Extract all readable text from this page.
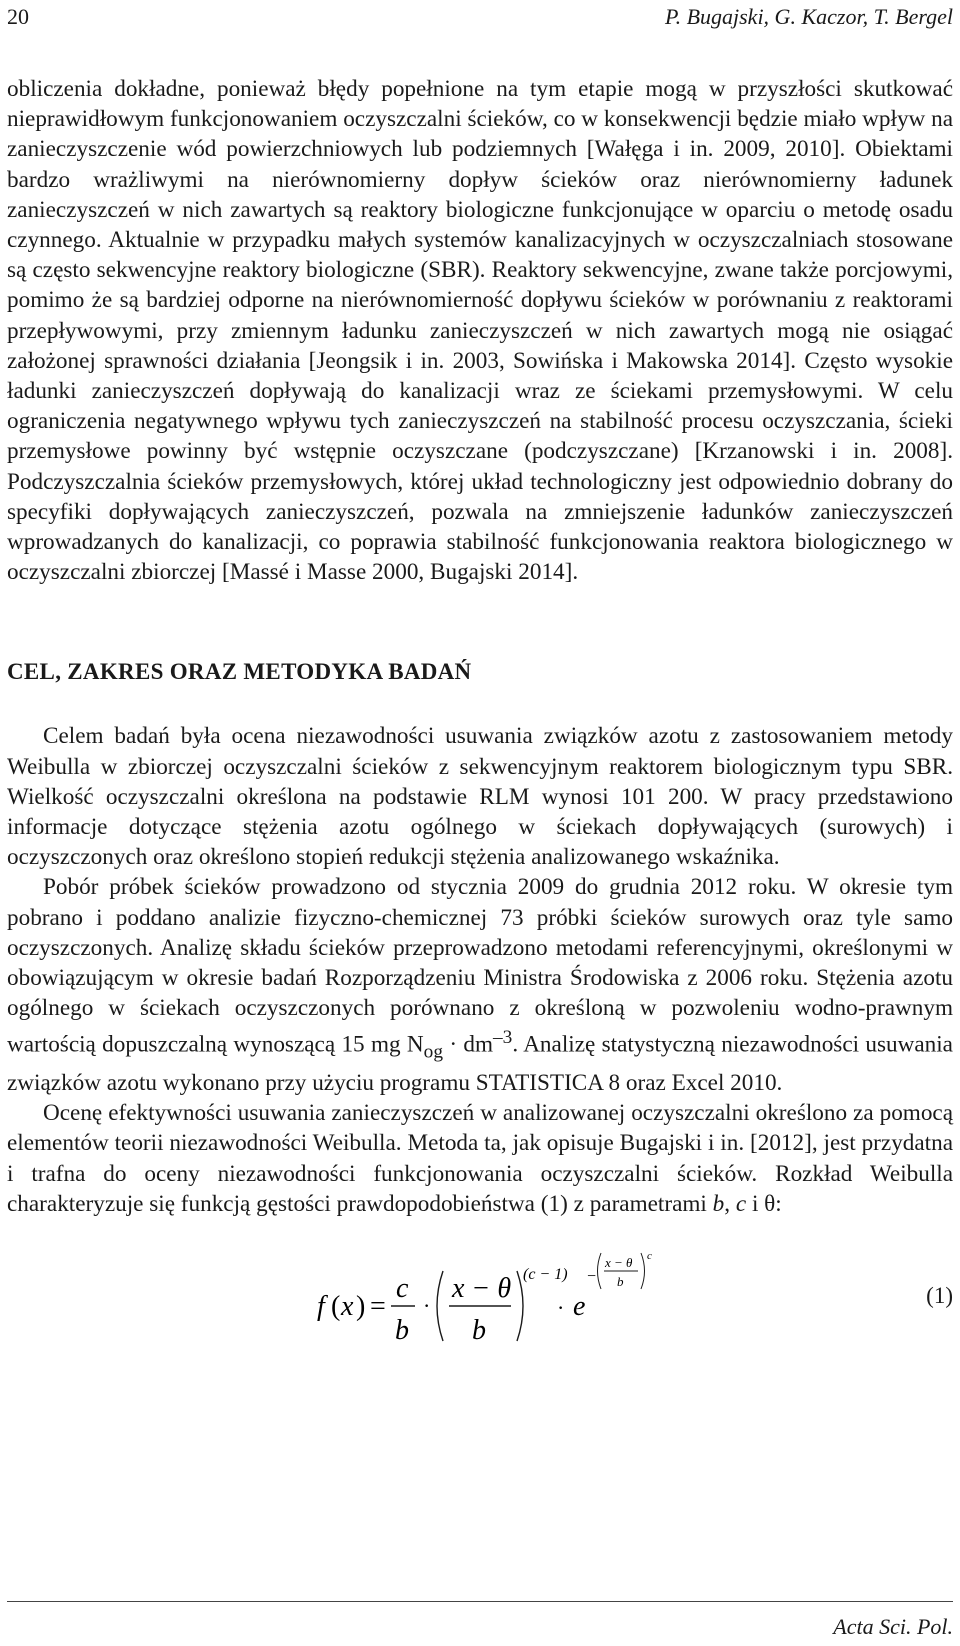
20	P. Bugajski, G. Kaczor, T. Bergel

obliczenia dokładne, ponieważ błędy popełnione na tym etapie mogą w przyszłości skutkować nieprawidłowym funkcjonowaniem oczyszczalni ścieków, co w konsekwencji będzie miało wpływ na zanieczyszczenie wód powierzchniowych lub podziemnych [Wałęga i in. 2009, 2010]. Obiektami bardzo wrażliwymi na nierównomierny dopływ ścieków oraz nierównomierny ładunek zanieczyszczeń w nich zawartych są reaktory biologiczne funkcjonujące w oparciu o metodę osadu czynnego. Aktualnie w przypadku małych systemów kanalizacyjnych w oczyszczalniach stosowane są często sekwencyjne reaktory biologiczne (SBR). Reaktory sekwencyjne, zwane także porcjowymi, pomimo że są bardziej odporne na nierównomierność dopływu ścieków w porównaniu z reaktorami przepływowymi, przy zmiennym ładunku zanieczyszczeń w nich zawartych mogą nie osiągać założonej sprawności działania [Jeongsik i in. 2003, Sowińska i Makowska 2014]. Często wysokie ładunki zanieczyszczeń dopływają do kanalizacji wraz ze ściekami przemysłowymi. W celu ograniczenia negatywnego wpływu tych zanieczyszczeń na stabilność procesu oczyszczania, ścieki przemysłowe powinny być wstępnie oczyszczane (podczyszczane) [Krzanowski i in. 2008]. Podczyszczalnia ścieków przemysłowych, której układ technologiczny jest odpowiednio dobrany do specyfiki dopływających zanieczyszczeń, pozwala na zmniejszenie ładunków zanieczyszczeń wprowadzanych do kanalizacji, co poprawia stabilność funkcjonowania reaktora biologicznego w oczyszczalni zbiorczej [Massé i Masse 2000, Bugajski 2014].

CEL, ZAKRES ORAZ METODYKA BADAŃ

Celem badań była ocena niezawodności usuwania związków azotu z zastosowaniem metody Weibulla w zbiorczej oczyszczalni ścieków z sekwencyjnym reaktorem biologicznym typu SBR. Wielkość oczyszczalni określona na podstawie RLM wynosi 101 200. W pracy przedstawiono informacje dotyczące stężenia azotu ogólnego w ściekach dopływających (surowych) i oczyszczonych oraz określono stopień redukcji stężenia analizowanego wskaźnika.

Pobór próbek ścieków prowadzono od stycznia 2009 do grudnia 2012 roku. W okresie tym pobrano i poddano analizie fizyczno-chemicznej 73 próbki ścieków surowych oraz tyle samo oczyszczonych. Analizę składu ścieków przeprowadzono metodami referencyjnymi, określonymi w obowiązującym w okresie badań Rozporządzeniu Ministra Środowiska z 2006 roku. Stężenia azotu ogólnego w ściekach oczyszczonych porównano z określoną w pozwoleniu wodno-prawnym wartością dopuszczalną wynoszącą 15 mg $N_{og} \cdot dm^{-3}$. Analizę statystyczną niezawodności usuwania związków azotu wykonano przy użyciu programu STATISTICA 8 oraz Excel 2010.

Ocenę efektywności usuwania zanieczyszczeń w analizowanej oczyszczalni określono za pomocą elementów teorii niezawodności Weibulla. Metoda ta, jak opisuje Bugajski i in. [2012], jest przydatna i trafna do oceny niezawodności funkcjonowania oczyszczalni ścieków. Rozkład Weibulla charakteryzuje się funkcją gęstości prawdopodobieństwa (1) z parametrami b, c i θ:

f ( x ) =
c
b
·
x − θ
b
(c − 1)
· e
−
x − θ
b
c
(1)
Acta Sci. Pol.
